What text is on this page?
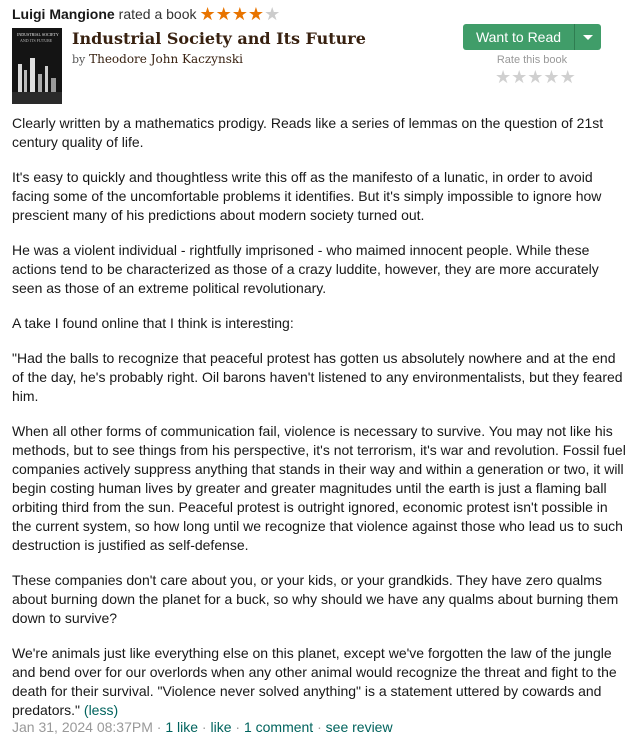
Luigi Mangione rated a book ★ ★ ★ ★ ★
INDUSTRIAL SOCIETY
AND ITS FUTURE Industrial Society and Its Future
by Theodore John Kaczynski
Want to Read
Rate this book
★ ★ ★ ★ ★

Clearly written by a mathematics prodigy. Reads like a series of lemmas on the question of 21st century quality of life.

It's easy to quickly and thoughtless write this off as the manifesto of a lunatic, in order to avoid facing some of the uncomfortable problems it identifies. But it's simply impossible to ignore how prescient many of his predictions about modern society turned out.

He was a violent individual - rightfully imprisoned - who maimed innocent people. While these actions tend to be characterized as those of a crazy luddite, however, they are more accurately seen as those of an extreme political revolutionary.

A take I found online that I think is interesting:

"Had the balls to recognize that peaceful protest has gotten us absolutely nowhere and at the end of the day, he's probably right. Oil barons haven't listened to any environmentalists, but they feared him.

When all other forms of communication fail, violence is necessary to survive. You may not like his methods, but to see things from his perspective, it's not terrorism, it's war and revolution. Fossil fuel companies actively suppress anything that stands in their way and within a generation or two, it will begin costing human lives by greater and greater magnitudes until the earth is just a flaming ball orbiting third from the sun. Peaceful protest is outright ignored, economic protest isn't possible in the current system, so how long until we recognize that violence against those who lead us to such destruction is justified as self-defense.

These companies don't care about you, or your kids, or your grandkids. They have zero qualms about burning down the planet for a buck, so why should we have any qualms about burning them down to survive?

We're animals just like everything else on this planet, except we've forgotten the law of the jungle and bend over for our overlords when any other animal would recognize the threat and fight to the death for their survival. "Violence never solved anything" is a statement uttered by cowards and predators." (less)

Jan 31, 2024 08:37PM · 1 like · like · 1 comment · see review
